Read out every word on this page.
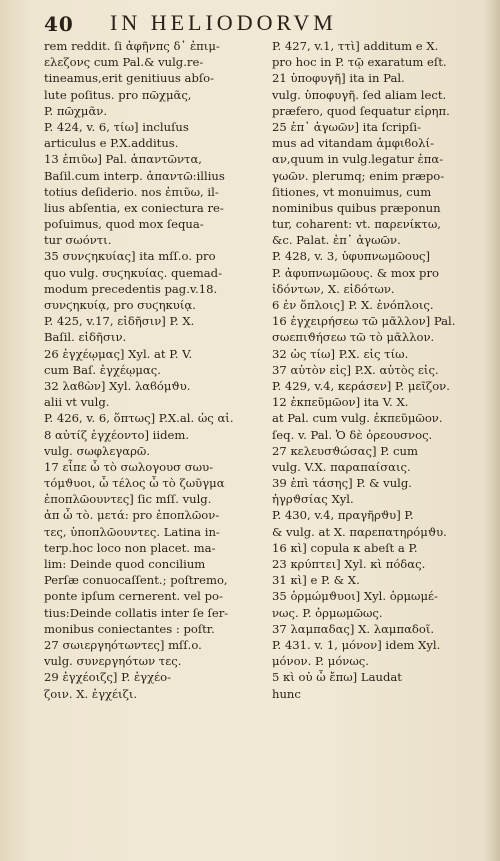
40 IN HELIODORVM
rem reddit. ſi ἀφῆνπς δ᾽ ἐπιμ-
ελεζονς cum Pal.& vulg.re-
tineamus,erit genitiuus abſo-
lute poſitus. pro πῶχμᾶς,
P. πῶχμᾶν.
P. 424, v. 6, τίω] incluſus
articulus e P.X.additus.
13 ἐπιῦω] Pal. ἀπαντῶντα,
Baſil.cum interp. ἀπαντῶ:illius
totius deſiderio. nos ἐπιῦω, il-
lius abſentia, ex coniectura re-
poſuimus, quod mox ſequa-
tur σωόντι.
35 συνϛηκυίας] ita mſſ.o. pro
quo vulg. συϛηκυίας. quemad-
modum precedentis pag.v.18.
συνϛηκυίᾳ, pro συϛηκυίᾳ.
P. 425, v.17, εἰδῆσιν] P. X.
Baſil. εἰδῆσιν.
26 ἐγχέῳμας] Xyl. at P. V.
cum Baſ. ἐγχέῳμας.
32 λαϐὼν] Xyl. λαϐόμϑυ.
alii vt vulg.
P. 426, v. 6, ὅπτως] P.X.al. ὡς αἱ.
8 αὐτίζ ἐγχέοντο] iidem.
vulg. σωφλεγαρῶ.
17 εἶπε ὦ τὸ σωλογουσ σωυ-
τόμϑυοι, ὦ τέλος ὦ τὸ ζωῦγμα
ἐποπλῶουντες] ſic mſſ. vulg.
ἀπ ὦ τὸ. μετά: pro ἐποπλῶον-
τες, ὑποπλῶουντες. Latina in-
terp.hoc loco non placet. ma-
lim: Deinde quod concilium
Perſæ conuocaſſent.; poſtremo,
ponte ipſum cernerent. vel po-
tius:Deinde collatis inter ſe ſer-
monibus coniectantes : poſtr.
27 σωιεργηότωντες] mſſ.o.
vulg. συνεργηότων τες.
29 ἐγχέοιζς] P. ἐγχέο-
ζοιν. X. ἐγχέιζι.
P. 427, v.1, ττὶ] additum e X.
pro hoc in P. τῷ exaratum eſt.
21 ὑποφυγῆ] ita in Pal.
vulg. ὑποφυγῆ. ſed aliam lect.
præfero, quod ſequatur εἰρηπ.
25 ἐπ᾽ ἀγωῶν] ita ſcripſi-
mus ad vitandam ἀμφιϐολί-
αν,quum in vulg.legatur ἐπα-
γωῶν. plerumq; enim præpo-
ſitiones, vt monuimus, cum
nominibus quibus præponun
tur, coharent: vt. παρενίκτω,
&c. Palat. ἐπ᾽ ἀγωῶν.
P. 428, v. 3, ὑφυπνωμῶους]
P. ἀφυπνωμῶους. & mox pro
ἰδόντων, X. εἰδότων.
6 ἐν ὅπλοις] P. X. ἐνόπλοις.
16 ἐγχειρήσεω τῶ μᾶλλον] Pal.
σωεπιϑήσεω τῶ τὸ μᾶλλον.
32 ὡς τίω] P.X. εἰς τίω.
37 αὐτὸν εἰς] P.X. αὐτὸς εἰς.
P. 429, v.4, κεράσεν] P. μεῖζον.
12 ἐκπεῦμῶον] ita V. X.
at Pal. cum vulg. ἐκπεῦμῶον.
ſeq. v. Pal. Ὁ δὲ ὀρεουσνος.
27 κελευσϑώσας] P. cum
vulg. V.X. παραπαίσαις.
39 ἐπὶ τάσης] P. & vulg.
ἠγρϑσίας Xyl.
P. 430, v.4, πραγῆρϑυ] P.
& vulg. at X. παρεπατηρόμϑυ.
16 κὶ] copula κ abeſt a P.
23 κρύπτει] Xyl. κὶ πόδας.
31 κὶ] e P. & X.
35 ὁρμώμϑυοι] Xyl. ὁρμωμέ-
νως. P. ὁρμωμῶως.
37 λαμπαδας] X. λαμπαδοῖ.
P. 431. v. 1, μόνον] idem Xyl.
μόνον. P. μόνως.
5 κὶ οὐ ὦ ἔπω] Laudat
hunc
